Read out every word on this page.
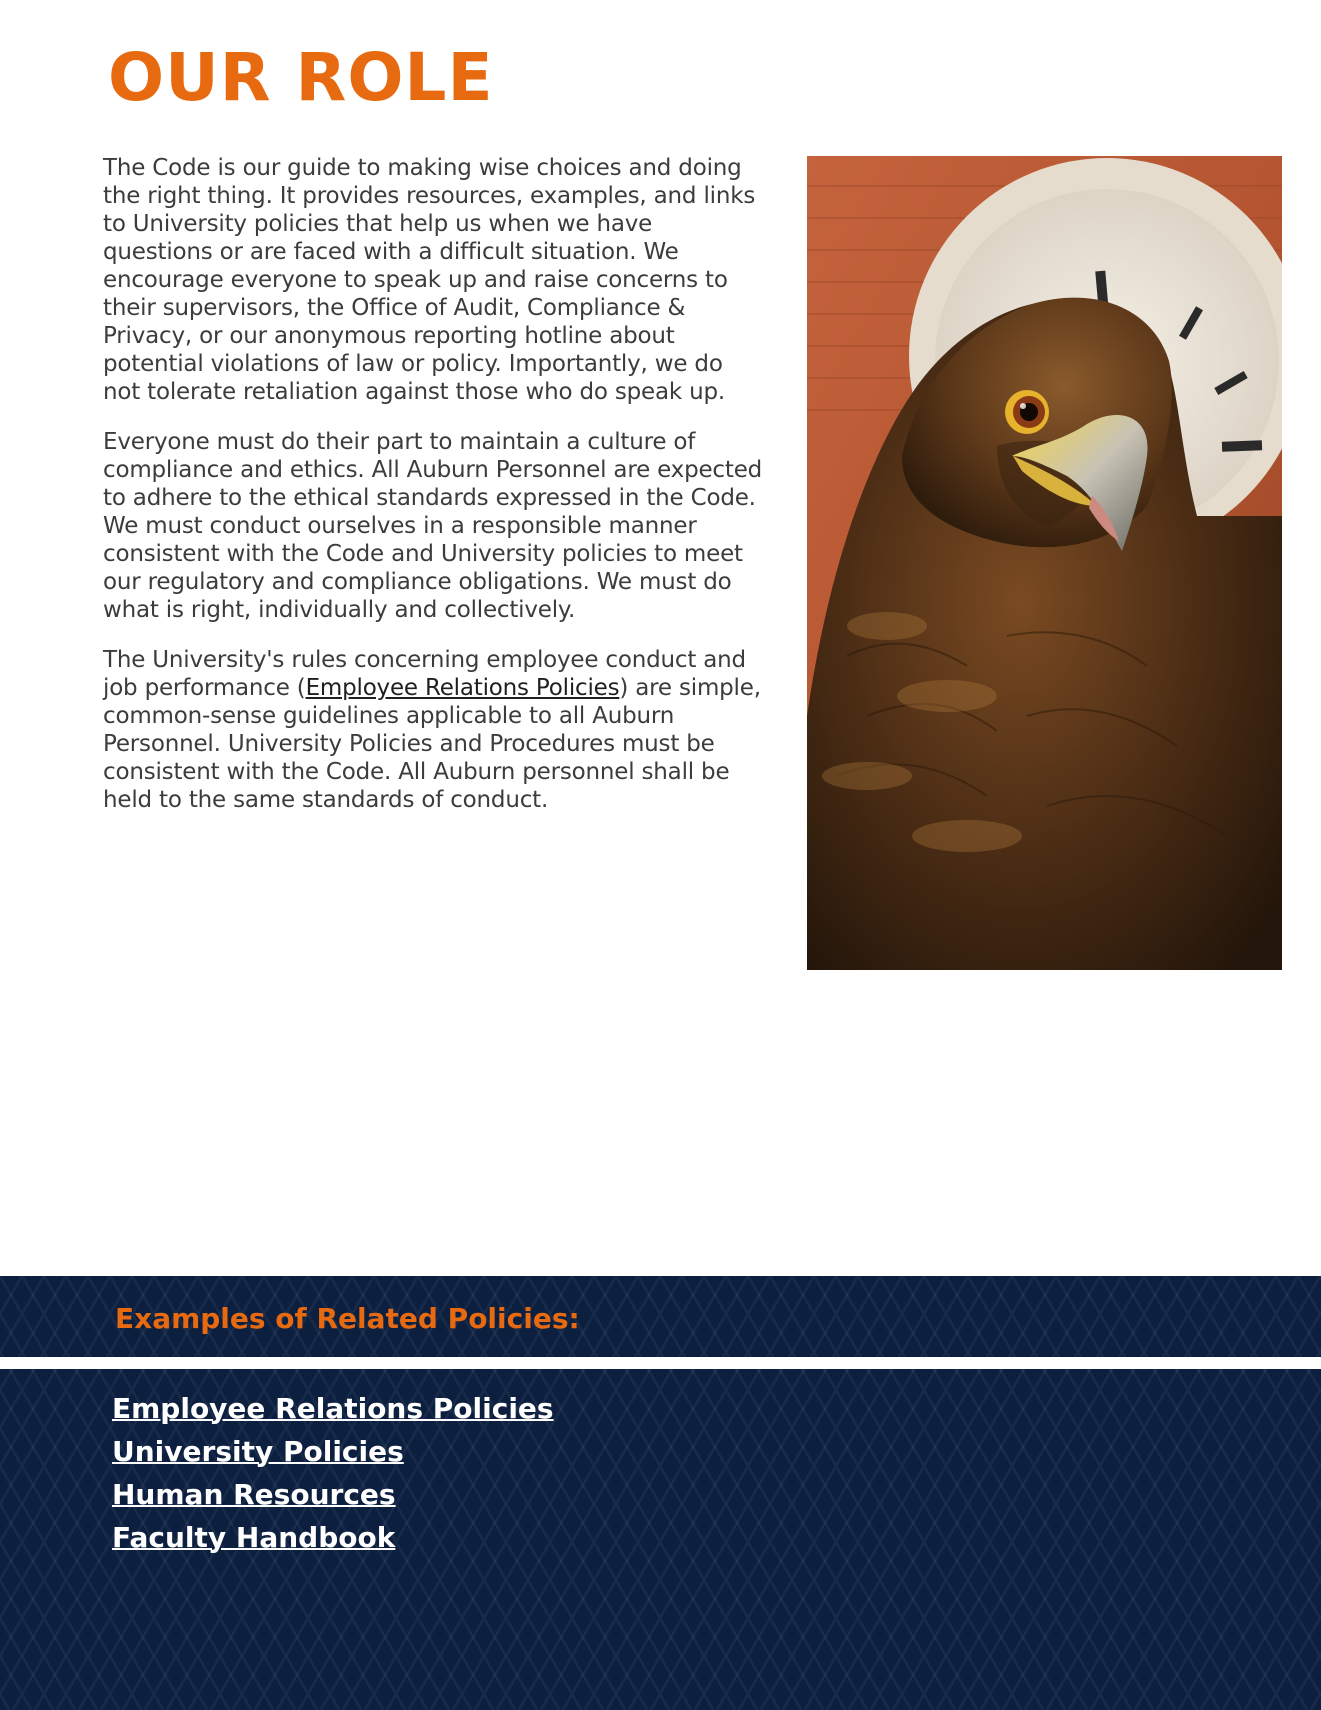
OUR ROLE

The Code is our guide to making wise choices and doing the right thing. It provides resources, examples, and links to University policies that help us when we have questions or are faced with a difficult situation. We encourage everyone to speak up and raise concerns to their supervisors, the Office of Audit, Compliance & Privacy, or our anonymous reporting hotline about potential violations of law or policy. Importantly, we do not tolerate retaliation against those who do speak up.

Everyone must do their part to maintain a culture of compliance and ethics. All Auburn Personnel are expected to adhere to the ethical standards expressed in the Code. We must conduct ourselves in a responsible manner consistent with the Code and University policies to meet our regulatory and compliance obligations. We must do what is right, individually and collectively.

The University's rules concerning employee conduct and job performance (Employee Relations Policies) are simple, common-sense guidelines applicable to all Auburn Personnel. University Policies and Procedures must be consistent with the Code. All Auburn personnel shall be held to the same standards of conduct.

Examples of Related Policies:
Employee Relations Policies
University Policies
Human Resources
Faculty Handbook
